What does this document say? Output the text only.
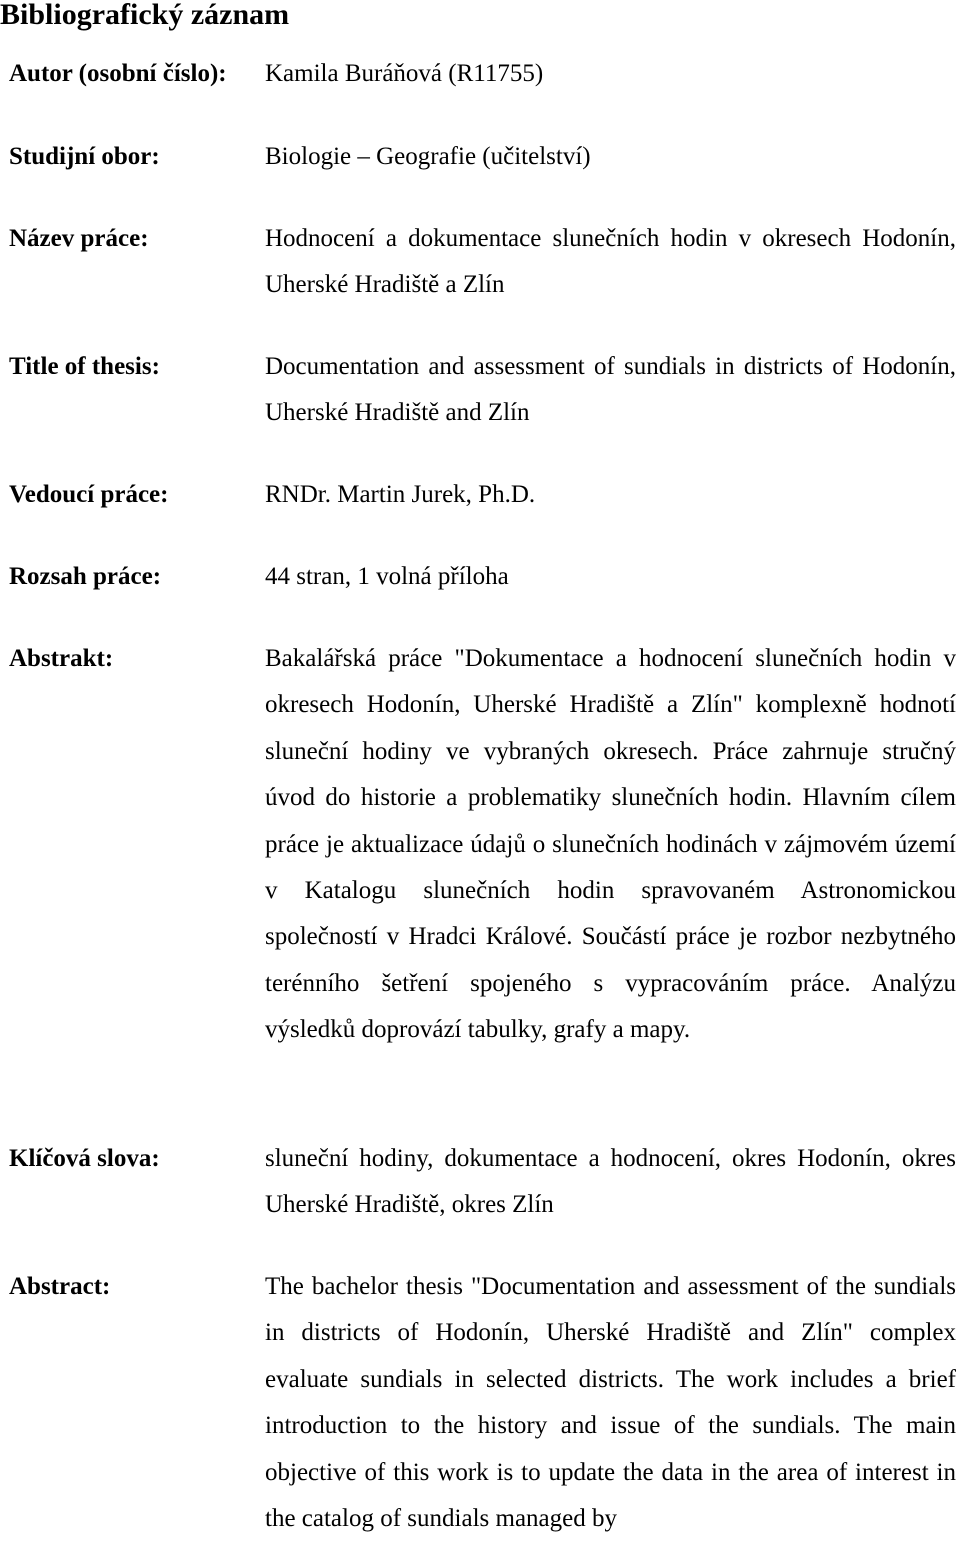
Bibliografický záznam
Autor (osobní číslo): Kamila Buráňová (R11755)
Studijní obor:	Biologie – Geografie (učitelství)
Název práce:	Hodnocení a dokumentace slunečních hodin v okresech Hodonín, Uherské Hradiště a Zlín
Title of thesis:	Documentation and assessment of sundials in districts of Hodonín, Uherské Hradiště and Zlín
Vedoucí práce:	RNDr. Martin Jurek, Ph.D.
Rozsah práce:	44 stran, 1 volná příloha
Abstrakt:	Bakalářská práce "Dokumentace a hodnocení slunečních hodin v okresech Hodonín, Uherské Hradiště a Zlín" komplexně hodnotí sluneční hodiny ve vybraných okresech. Práce zahrnuje stručný úvod do historie a problematiky slunečních hodin. Hlavním cílem práce je aktualizace údajů o slunečních hodinách v zájmovém území v Katalogu slunečních hodin spravovaném Astronomickou společností v Hradci Králové. Součástí práce je rozbor nezbytného terénního šetření spojeného s vypracováním práce. Analýzu výsledků doprovází tabulky, grafy a mapy.
Klíčová slova:	sluneční hodiny, dokumentace a hodnocení, okres Hodonín, okres Uherské Hradiště, okres Zlín
Abstract:	The bachelor thesis "Documentation and assessment of the sundials in districts of Hodonín, Uherské Hradiště and Zlín" complex evaluate sundials in selected districts. The work includes a brief introduction to the history and issue of the sundials. The main objective of this work is to update the data in the area of interest in the catalog of sundials managed by
